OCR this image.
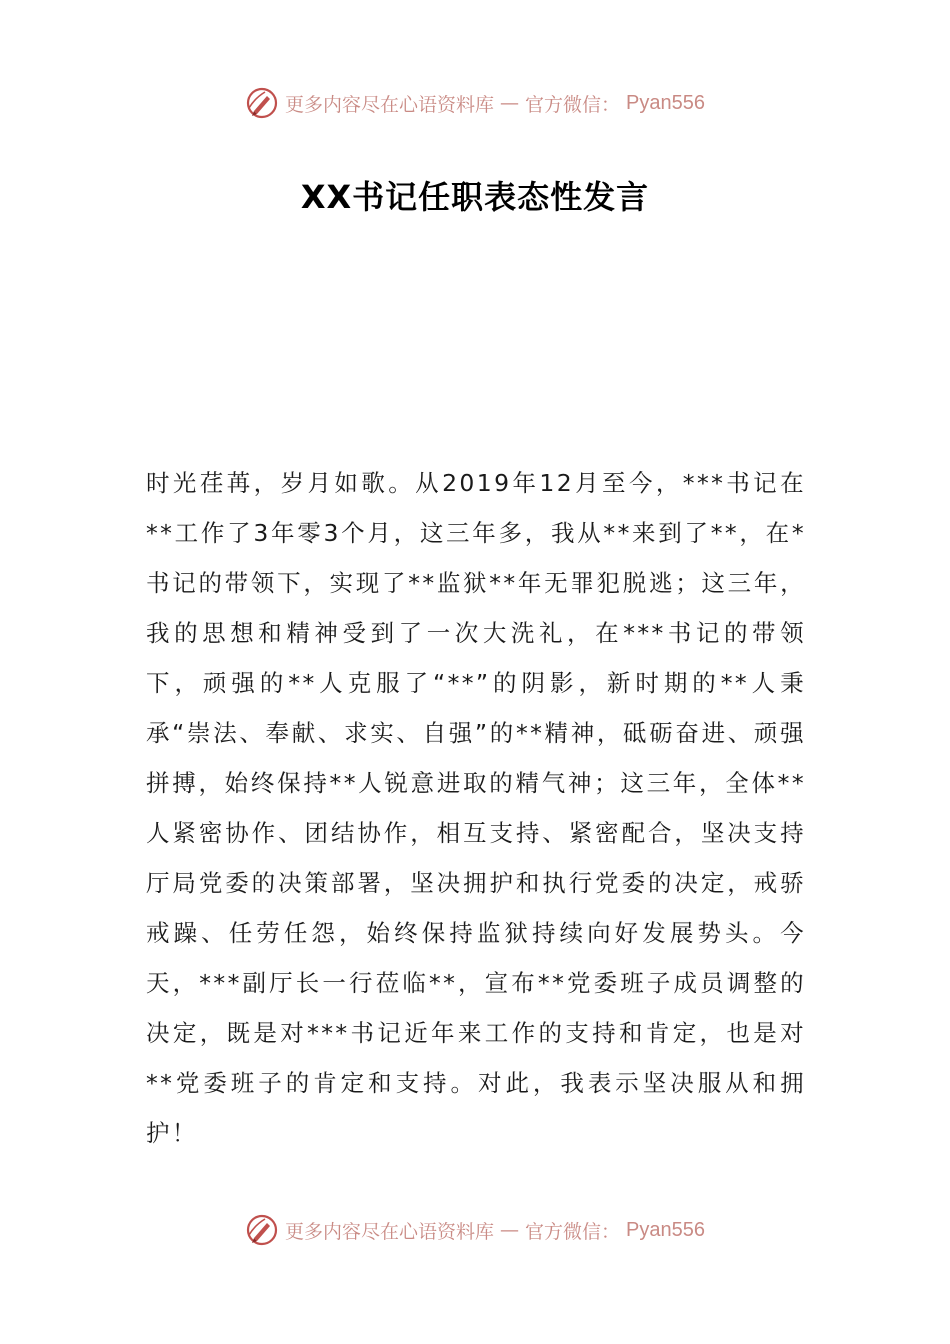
更多内容尽在心语资料库 — 官方微信： Pyan556
XX书记任职表态性发言

时光荏苒，岁月如歌。从2019年12月至今，***书记在**工作了3年零3个月，这三年多，我从**来到了**，在*书记的带领下，实现了**监狱**年无罪犯脱逃；这三年，我的思想和精神受到了一次大洗礼，在***书记的带领下，顽强的**人克服了“**”的阴影，新时期的**人秉承“崇法、奉献、求实、自强”的**精神，砥砺奋进、顽强拼搏，始终保持**人锐意进取的精气神；这三年，全体**人紧密协作、团结协作，相互支持、紧密配合，坚决支持厅局党委的决策部署，坚决拥护和执行党委的决定，戒骄戒躁、任劳任怨，始终保持监狱持续向好发展势头。今天，***副厅长一行莅临**，宣布**党委班子成员调整的决定，既是对***书记近年来工作的支持和肯定，也是对**党委班子的肯定和支持。对此，我表示坚决服从和拥护！

更多内容尽在心语资料库 — 官方微信： Pyan556
